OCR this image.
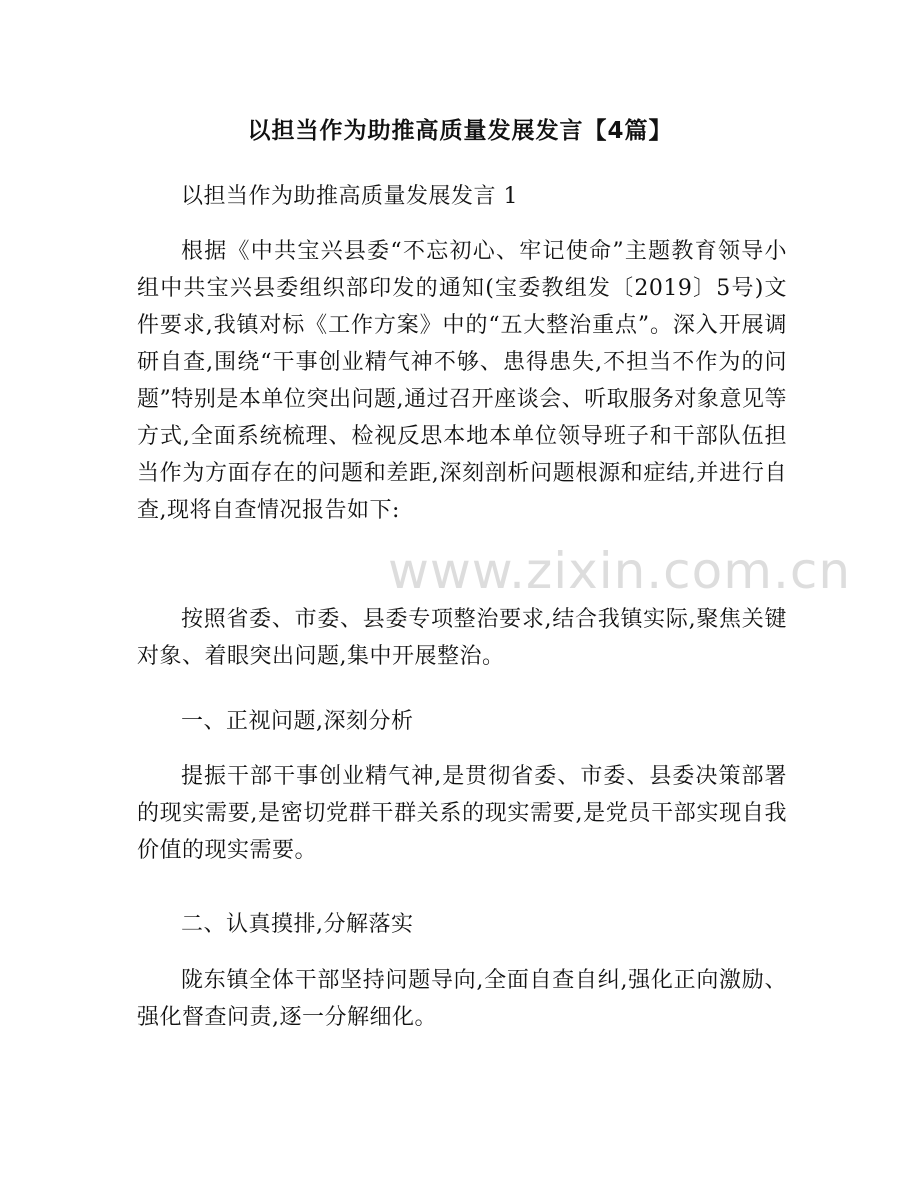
以担当作为助推高质量发展发言【4篇】

以担当作为助推高质量发展发言 1

根据《中共宝兴县委“不忘初心、牢记使命”主题教育领导小组中共宝兴县委组织部印发的通知(宝委教组发〔2019〕5号)文件要求,我镇对标《工作方案》中的“五大整治重点”。深入开展调研自查,围绕“干事创业精气神不够、患得患失,不担当不作为的问题”特别是本单位突出问题,通过召开座谈会、听取服务对象意见等方式,全面系统梳理、检视反思本地本单位领导班子和干部队伍担当作为方面存在的问题和差距,深刻剖析问题根源和症结,并进行自查,现将自查情况报告如下:

按照省委、市委、县委专项整治要求,结合我镇实际,聚焦关键对象、着眼突出问题,集中开展整治。

一、正视问题,深刻分析

提振干部干事创业精气神,是贯彻省委、市委、县委决策部署的现实需要,是密切党群干群关系的现实需要,是党员干部实现自我价值的现实需要。

二、认真摸排,分解落实

陇东镇全体干部坚持问题导向,全面自查自纠,强化正向激励、强化督查问责,逐一分解细化。

www.zixin.com.cn
